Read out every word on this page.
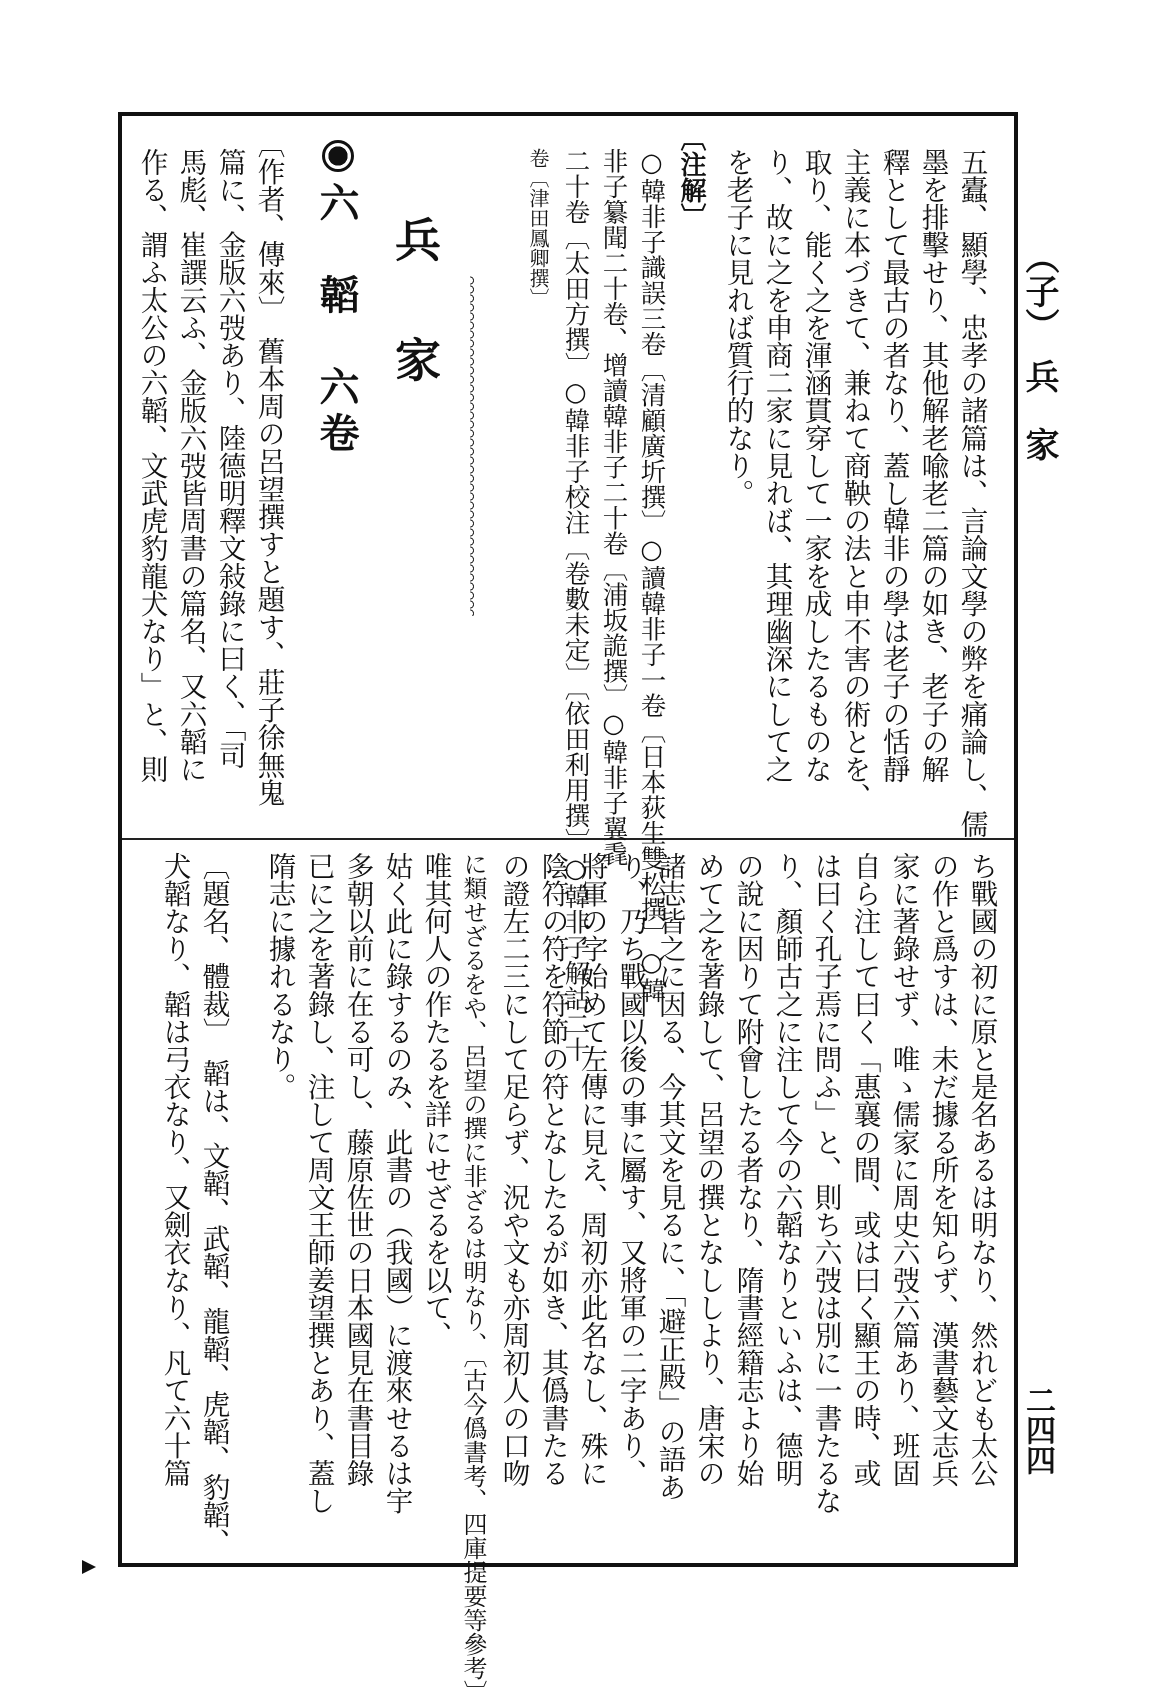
（子）　兵　家
二四四
五蠹、顯學、忠孝の諸篇は、言論文學の弊を痛論し、儒
墨を排擊せり、其他解老喩老二篇の如き、老子の解
釋として最古の者なり、蓋し韓非の學は老子の恬靜
主義に本づきて、兼ねて商鞅の法と申不害の術とを、
取り、能く之を渾涵貫穿して一家を成したるものな
り、故に之を申商二家に見れば、其理幽深にして之
を老子に見れば質行的なり。
〔注解〕
○韓非子識誤三卷〔清顧廣圻撰〕○讀韓非子一卷〔日本荻生雙松撰〕○韓
非子纂聞二十卷、增讀韓非子二十卷〔浦坂詭撰〕○韓非子翼毳
二十卷〔太田方撰〕○韓非子校注〔卷數未定〕〔依田利用撰〕○韓非子解詁二十
卷〔津田鳳卿撰〕
兵　家
六　韜　六卷
〔作者、傳來〕　舊本周の呂望撰すと題す、莊子徐無鬼
篇に、金版六弢あり、陸德明釋文敍錄に曰く、「司
馬彪、崔譔云ふ、金版六弢皆周書の篇名、又六韜に
作る、謂ふ太公の六韜、文武虎豹龍犬なり」と、則
ち戰國の初に原と是名あるは明なり、然れども太公
の作と爲すは、未だ據る所を知らず、漢書藝文志兵
家に著錄せず、唯ゝ儒家に周史六弢六篇あり、班固
自ら注して曰く「惠襄の間、或は曰く顯王の時、或
は曰く孔子焉に問ふ」と、則ち六弢は別に一書たるな
り、顏師古之に注して今の六韜なりといふは、德明
の說に因りて附會したる者なり、隋書經籍志より始
めて之を著錄して、呂望の撰となししより、唐宋の
諸志皆之に因る、今其文を見るに、「避正殿」の語あ
り、乃ち戰國以後の事に屬す、又將軍の二字あり、
將軍の字始めて左傳に見え、周初亦此名なし、殊に
陰符の符を符節の符となしたるが如き、其僞書たる
の證左二三にして足らず、況や文も亦周初人の口吻
に類せざるをや、呂望の撰に非ざるは明なり、〔古今僞書考、四庫提要等參考〕
唯其何人の作たるを詳にせざるを以て、
姑く此に錄するのみ、此書の（我國）に渡來せるは宇
多朝以前に在る可し、藤原佐世の日本國見在書目錄
已に之を著錄し、注して周文王師姜望撰とあり、蓋し
隋志に據れるなり。
〔題名、體裁〕　韜は、文韜、武韜、龍韜、虎韜、豹韜、
犬韜なり、韜は弓衣なり、又劍衣なり、凡て六十篇
